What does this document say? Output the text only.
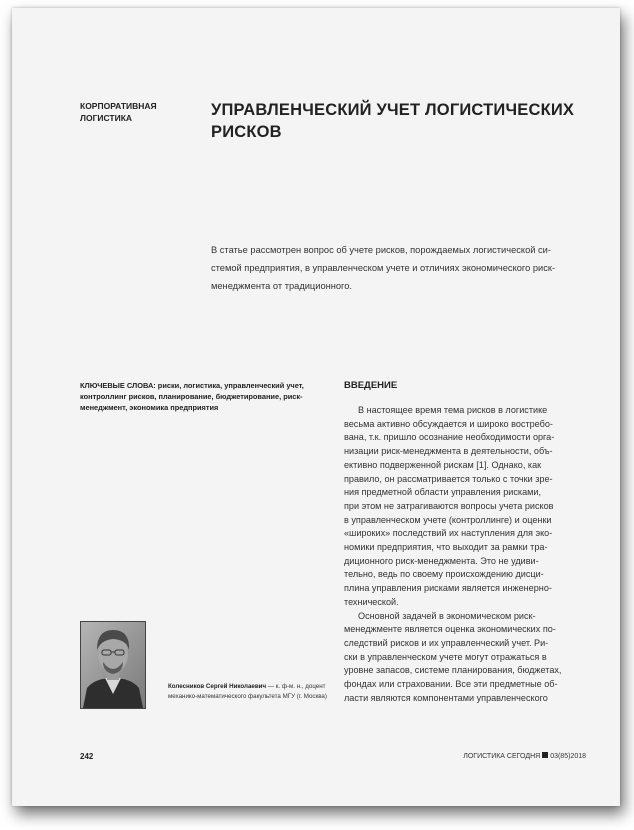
КОРПОРАТИВНАЯ
ЛОГИСТИКА	УПРАВЛЕНЧЕСКИЙ УЧЕТ ЛОГИСТИЧЕСКИХ
РИСКОВ
В статье рассмотрен вопрос об учете рисков, порождаемых логистической си-
стемой предприятия, в управленческом учете и отличиях экономического риск-
менеджмента от традиционного.
КЛЮЧЕВЫЕ СЛОВА: риски, логистика, управленческий учет,
контроллинг рисков, планирование, бюджетирование, риск-
менеджмент, экономика предприятия
ВВЕДЕНИЕ
В настоящее время тема рисков в логистике
весьма активно обсуждается и широко востребо-
вана, т.к. пришло осознание необходимости орга-
низации риск-менеджмента в деятельности, объ-
ективно подверженной рискам [1]. Однако, как
правило, он рассматривается только с точки зре-
ния предметной области управления рисками,
при этом не затрагиваются вопросы учета рисков
в управленческом учете (контроллинге) и оценки
«широких» последствий их наступления для эко-
номики предприятия, что выходит за рамки тра-
диционного риск-менеджмента. Это не удиви-
тельно, ведь по своему происхождению дисци-
плина управления рисками является инженерно-
технической.
Основной задачей в экономическом риск-
менеджменте является оценка экономических по-
следствий рисков и их управленческий учет. Ри-
ски в управленческом учете могут отражаться в
уровне запасов, системе планирования, бюджетах,
фондах или страховании. Все эти предметные об-
ласти являются компонентами управленческого
Колесников Сергей Николаевич — к. ф-м. н., доцент
механико-математического факультета МГУ (г. Москва)
242	ЛОГИСТИКА СЕГОДНЯ 03(85)2018
